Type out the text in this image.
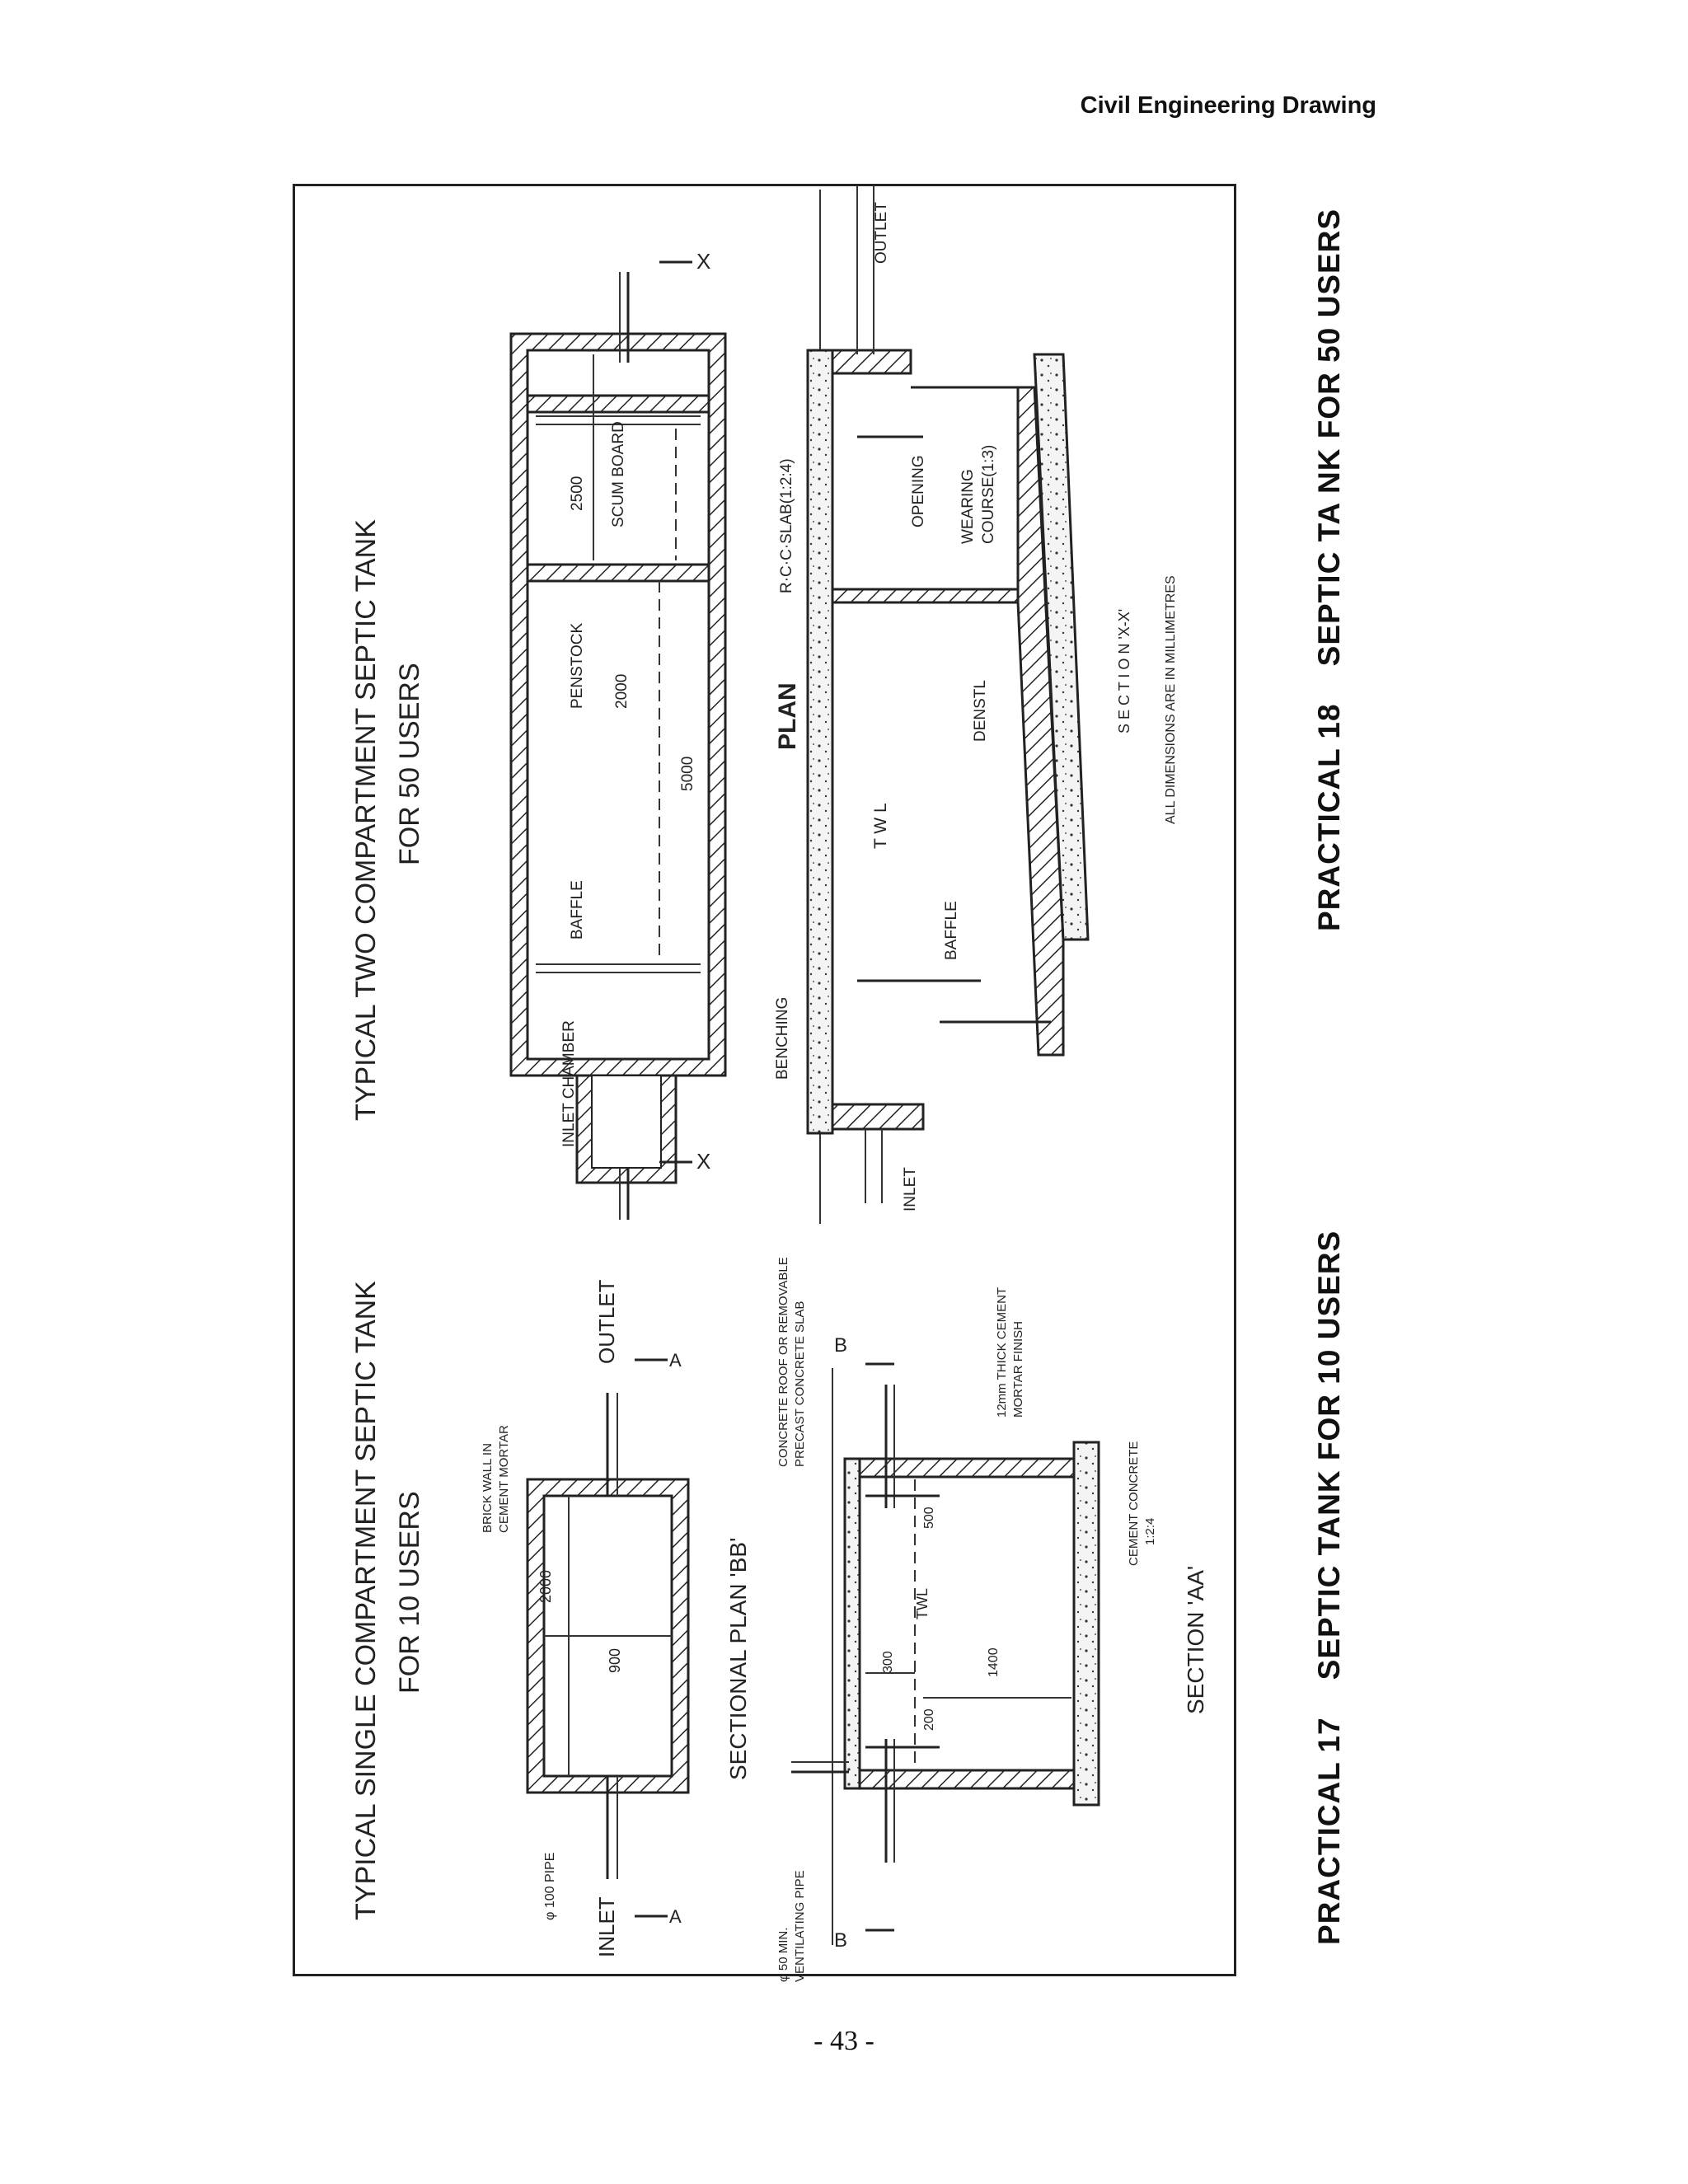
Civil Engineering Drawing
TYPICAL TWO COMPARTMENT SEPTIC TANK FOR 50 USERS
X
X
INLET CHAMBER
BAFFLE
PENSTOCK 2000
5000
2500 SCUM BOARD
PLAN
R·C·C·SLAB(1:2:4)
OUTLET
INLET
BENCHING
T W L
BAFFLE
OPENING WEARING COURSE(1:3)
DENSTL	S E C T I O N 'X-X' ALL DIMENSIONS ARE IN MILLIMETRES
TYPICAL SINGLE COMPARTMENT SEPTIC TANK FOR 10 USERS
A
A
2000
900
BRICK WALL IN CEMENT MORTAR
φ 100 PIPE
INLET
OUTLET
SECTIONAL PLAN 'BB'
B
B
φ 50 MIN. VENTILATING PIPE
CONCRETE ROOF OR REMOVABLE PRECAST CONCRETE SLAB	12mm THICK CEMENT MORTAR FINISH
CEMENT CONCRETE 1:2:4
TWL
300
200
500
1400	SECTION 'AA'	PRACTICAL 17    SEPTIC TANK FOR 10 USERS
PRACTICAL 18    SEPTIC TA NK FOR 50 USERS
- 43 -
